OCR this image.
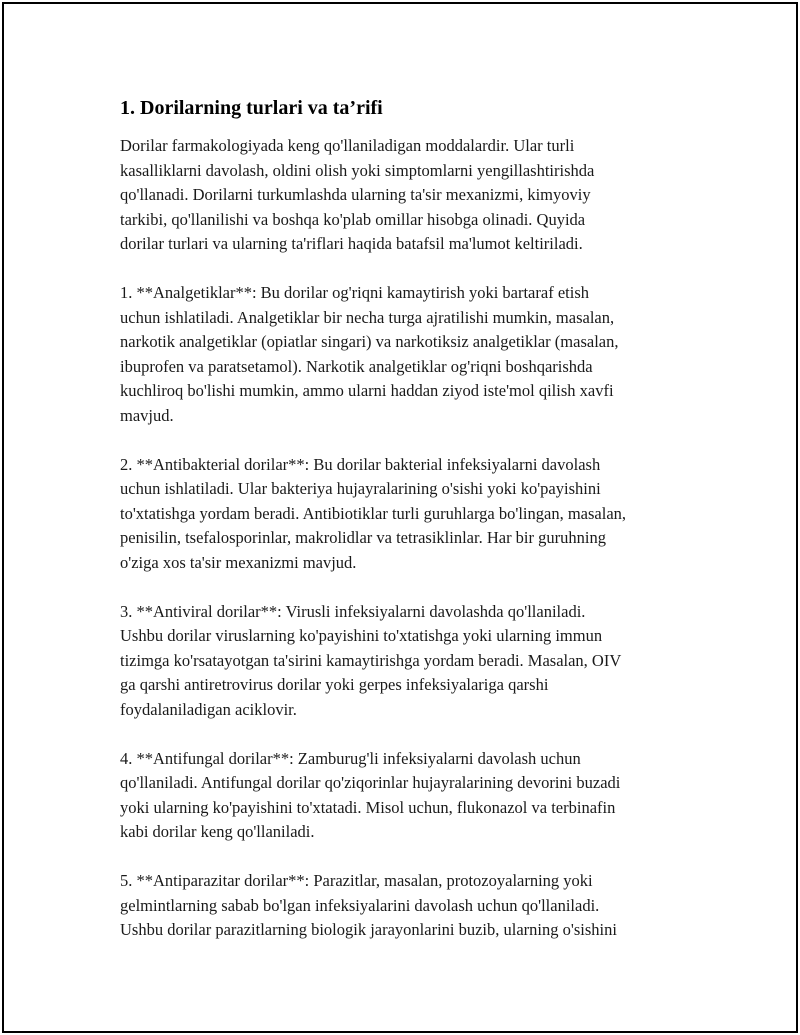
1. Dorilarning turlari va ta’rifi

Dorilar farmakologiyada keng qo'llaniladigan moddalardir. Ular turli
kasalliklarni davolash, oldini olish yoki simptomlarni yengillashtirishda
qo'llanadi. Dorilarni turkumlashda ularning ta'sir mexanizmi, kimyoviy
tarkibi, qo'llanilishi va boshqa ko'plab omillar hisobga olinadi. Quyida
dorilar turlari va ularning ta'riflari haqida batafsil ma'lumot keltiriladi.

1. **Analgetiklar**: Bu dorilar og'riqni kamaytirish yoki bartaraf etish
uchun ishlatiladi. Analgetiklar bir necha turga ajratilishi mumkin, masalan,
narkotik analgetiklar (opiatlar singari) va narkotiksiz analgetiklar (masalan,
ibuprofen va paratsetamol). Narkotik analgetiklar og'riqni boshqarishda
kuchliroq bo'lishi mumkin, ammo ularni haddan ziyod iste'mol qilish xavfi
mavjud.

2. **Antibakterial dorilar**: Bu dorilar bakterial infeksiyalarni davolash
uchun ishlatiladi. Ular bakteriya hujayralarining o'sishi yoki ko'payishini
to'xtatishga yordam beradi. Antibiotiklar turli guruhlarga bo'lingan, masalan,
penisilin, tsefalosporinlar, makrolidlar va tetrasiklinlar. Har bir guruhning
o'ziga xos ta'sir mexanizmi mavjud.

3. **Antiviral dorilar**: Virusli infeksiyalarni davolashda qo'llaniladi.
Ushbu dorilar viruslarning ko'payishini to'xtatishga yoki ularning immun
tizimga ko'rsatayotgan ta'sirini kamaytirishga yordam beradi. Masalan, OIV
ga qarshi antiretrovirus dorilar yoki gerpes infeksiyalariga qarshi
foydalaniladigan aciklovir.

4. **Antifungal dorilar**: Zamburug'li infeksiyalarni davolash uchun
qo'llaniladi. Antifungal dorilar qo'ziqorinlar hujayralarining devorini buzadi
yoki ularning ko'payishini to'xtatadi. Misol uchun, flukonazol va terbinafin
kabi dorilar keng qo'llaniladi.

5. **Antiparazitar dorilar**: Parazitlar, masalan, protozoyalarning yoki
gelmintlarning sabab bo'lgan infeksiyalarini davolash uchun qo'llaniladi.
Ushbu dorilar parazitlarning biologik jarayonlarini buzib, ularning o'sishini
